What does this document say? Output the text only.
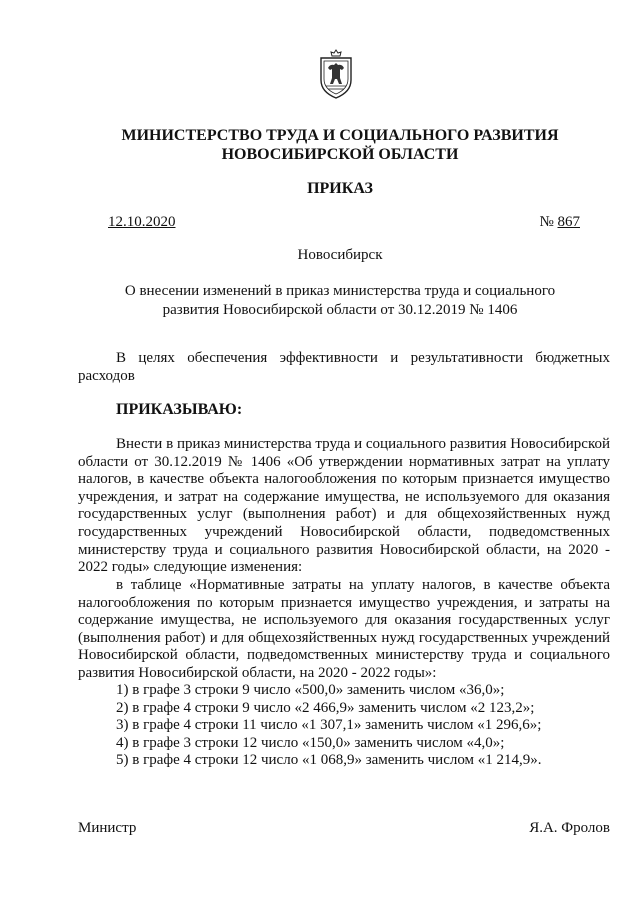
МИНИСТЕРСТВО ТРУДА И СОЦИАЛЬНОГО РАЗВИТИЯ
НОВОСИБИРСКОЙ ОБЛАСТИ
ПРИКАЗ
12.10.2020	№ 867
Новосибирск
О внесении изменений в приказ министерства труда и социального развития Новосибирской области от 30.12.2019 № 1406

В целях обеспечения эффективности и результативности бюджетных расходов

ПРИКАЗЫВАЮ:

Внести в приказ министерства труда и социального развития Новосибирской области от 30.12.2019 № 1406 «Об утверждении нормативных затрат на уплату налогов, в качестве объекта налогообложения по которым признается имущество учреждения, и затрат на содержание имущества, не используемого для оказания государственных услуг (выполнения работ) и для общехозяйственных нужд государственных учреждений Новосибирской области, подведомственных министерству труда и социального развития Новосибирской области, на 2020 - 2022 годы» следующие изменения:

в таблице «Нормативные затраты на уплату налогов, в качестве объекта налогообложения по которым признается имущество учреждения, и затраты на содержание имущества, не используемого для оказания государственных услуг (выполнения работ) и для общехозяйственных нужд государственных учреждений Новосибирской области, подведомственных министерству труда и социального развития Новосибирской области, на 2020 - 2022 годы»:

1) в графе 3 строки 9 число «500,0» заменить числом «36,0»;
2) в графе 4 строки 9 число «2 466,9» заменить числом «2 123,2»;
3) в графе 4 строки 11 число «1 307,1» заменить числом «1 296,6»;
4) в графе 3 строки 12 число «150,0» заменить числом «4,0»;
5) в графе 4 строки 12 число «1 068,9» заменить числом «1 214,9».
Министр	Я.А. Фролов
